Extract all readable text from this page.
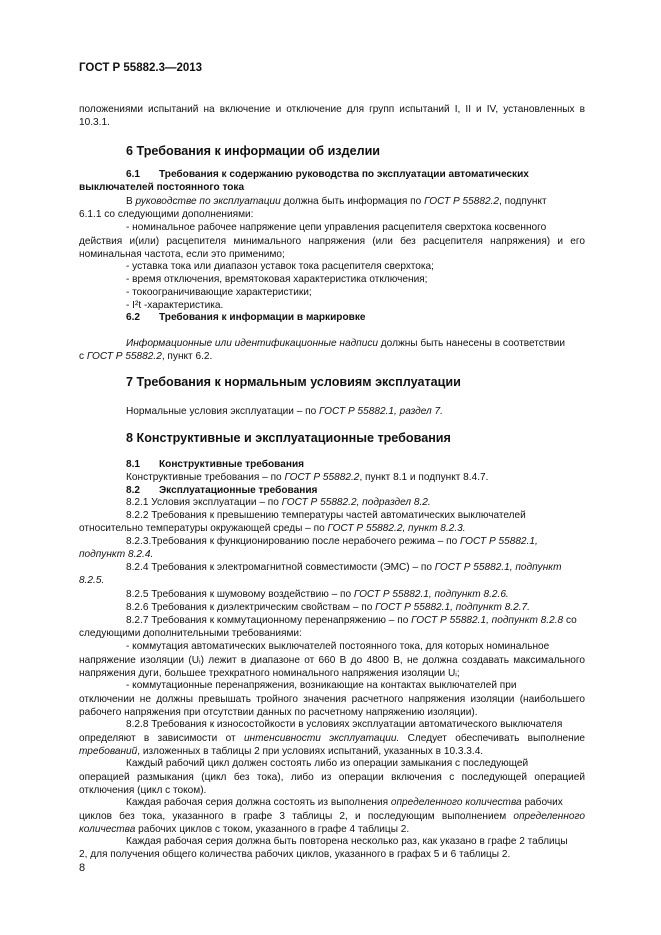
ГОСТ Р 55882.3—2013
положениями испытаний на включение и отключение для групп испытаний I, II и IV, установленных в 10.3.1.
6 Требования к информации об изделии
6.1 Требования к содержанию руководства по эксплуатации автоматических
выключателей постоянного тока
В руководстве по эксплуатации должна быть информация по ГОСТ Р 55882.2, подпункт
6.1.1 со следующими дополнениями:
- номинальное рабочее напряжение цепи управления расцепителя сверхтока косвенного
действия и(или) расцепителя минимального напряжения (или без расцепителя напряжения) и его номинальная частота, если это применимо;
- уставка тока или диапазон уставок тока расцепителя сверхтока;
- время отключения, времятоковая характеристика отключения;
- токоограничивающие характеристики;
- I²t -характеристика.
6.2 Требования к информации в маркировке
Информационные или идентификационные надписи должны быть нанесены в соответствии
с ГОСТ Р 55882.2, пункт 6.2.
7 Требования к нормальным условиям эксплуатации
Нормальные условия эксплуатации – по ГОСТ Р 55882.1, раздел 7.
8 Конструктивные и эксплуатационные требования
8.1 Конструктивные требования
Конструктивные требования – по ГОСТ Р 55882.2, пункт 8.1 и подпункт 8.4.7.
8.2 Эксплуатационные требования
8.2.1 Условия эксплуатации – по ГОСТ Р 55882.2, подраздел 8.2.
8.2.2 Требования к превышению температуры частей автоматических выключателей
относительно температуры окружающей среды – по ГОСТ Р 55882.2, пункт 8.2.3.
8.2.3.Требования к функционированию после нерабочего режима – по ГОСТ Р 55882.1,
подпункт 8.2.4.
8.2.4 Требования к электромагнитной совместимости (ЭМС) – по ГОСТ Р 55882.1, подпункт
8.2.5.
8.2.5 Требования к шумовому воздействию – по ГОСТ Р 55882.1, подпункт 8.2.6.
8.2.6 Требования к диэлектрическим свойствам – по ГОСТ Р 55882.1, подпункт 8.2.7.
8.2.7 Требования к коммутационному перенапряжению – по ГОСТ Р 55882.1, подпункт 8.2.8 со
следующими дополнительными требованиями:
- коммутация автоматических выключателей постоянного тока, для которых номинальное
напряжение изоляции (Uᵢ) лежит в диапазоне от 660 В до 4800 В, не должна создавать максимального напряжения дуги, большее трехкратного номинального напряжения изоляции Uᵢ;
- коммутационные перенапряжения, возникающие на контактах выключателей при
отключении не должны превышать тройного значения расчетного напряжения изоляции (наибольшего рабочего напряжения при отсутствии данных по расчетному напряжению изоляции).
8.2.8 Требования к износостойкости в условиях эксплуатации автоматического выключателя
определяют в зависимости от интенсивности эксплуатации. Следует обеспечивать выполнение требований, изложенных в таблицы 2 при условиях испытаний, указанных в 10.3.3.4.
Каждый рабочий цикл должен состоять либо из операции замыкания с последующей
операцией размыкания (цикл без тока), либо из операции включения с последующей операцией отключения (цикл с током).
Каждая рабочая серия должна состоять из выполнения определенного количества рабочих
циклов без тока, указанного в графе 3 таблицы 2, и последующим выполнением определенного количества рабочих циклов с током, указанного в графе 4 таблицы 2.
Каждая рабочая серия должна быть повторена несколько раз, как указано в графе 2 таблицы
2, для получения общего количества рабочих циклов, указанного в графах 5 и 6 таблицы 2.
8
